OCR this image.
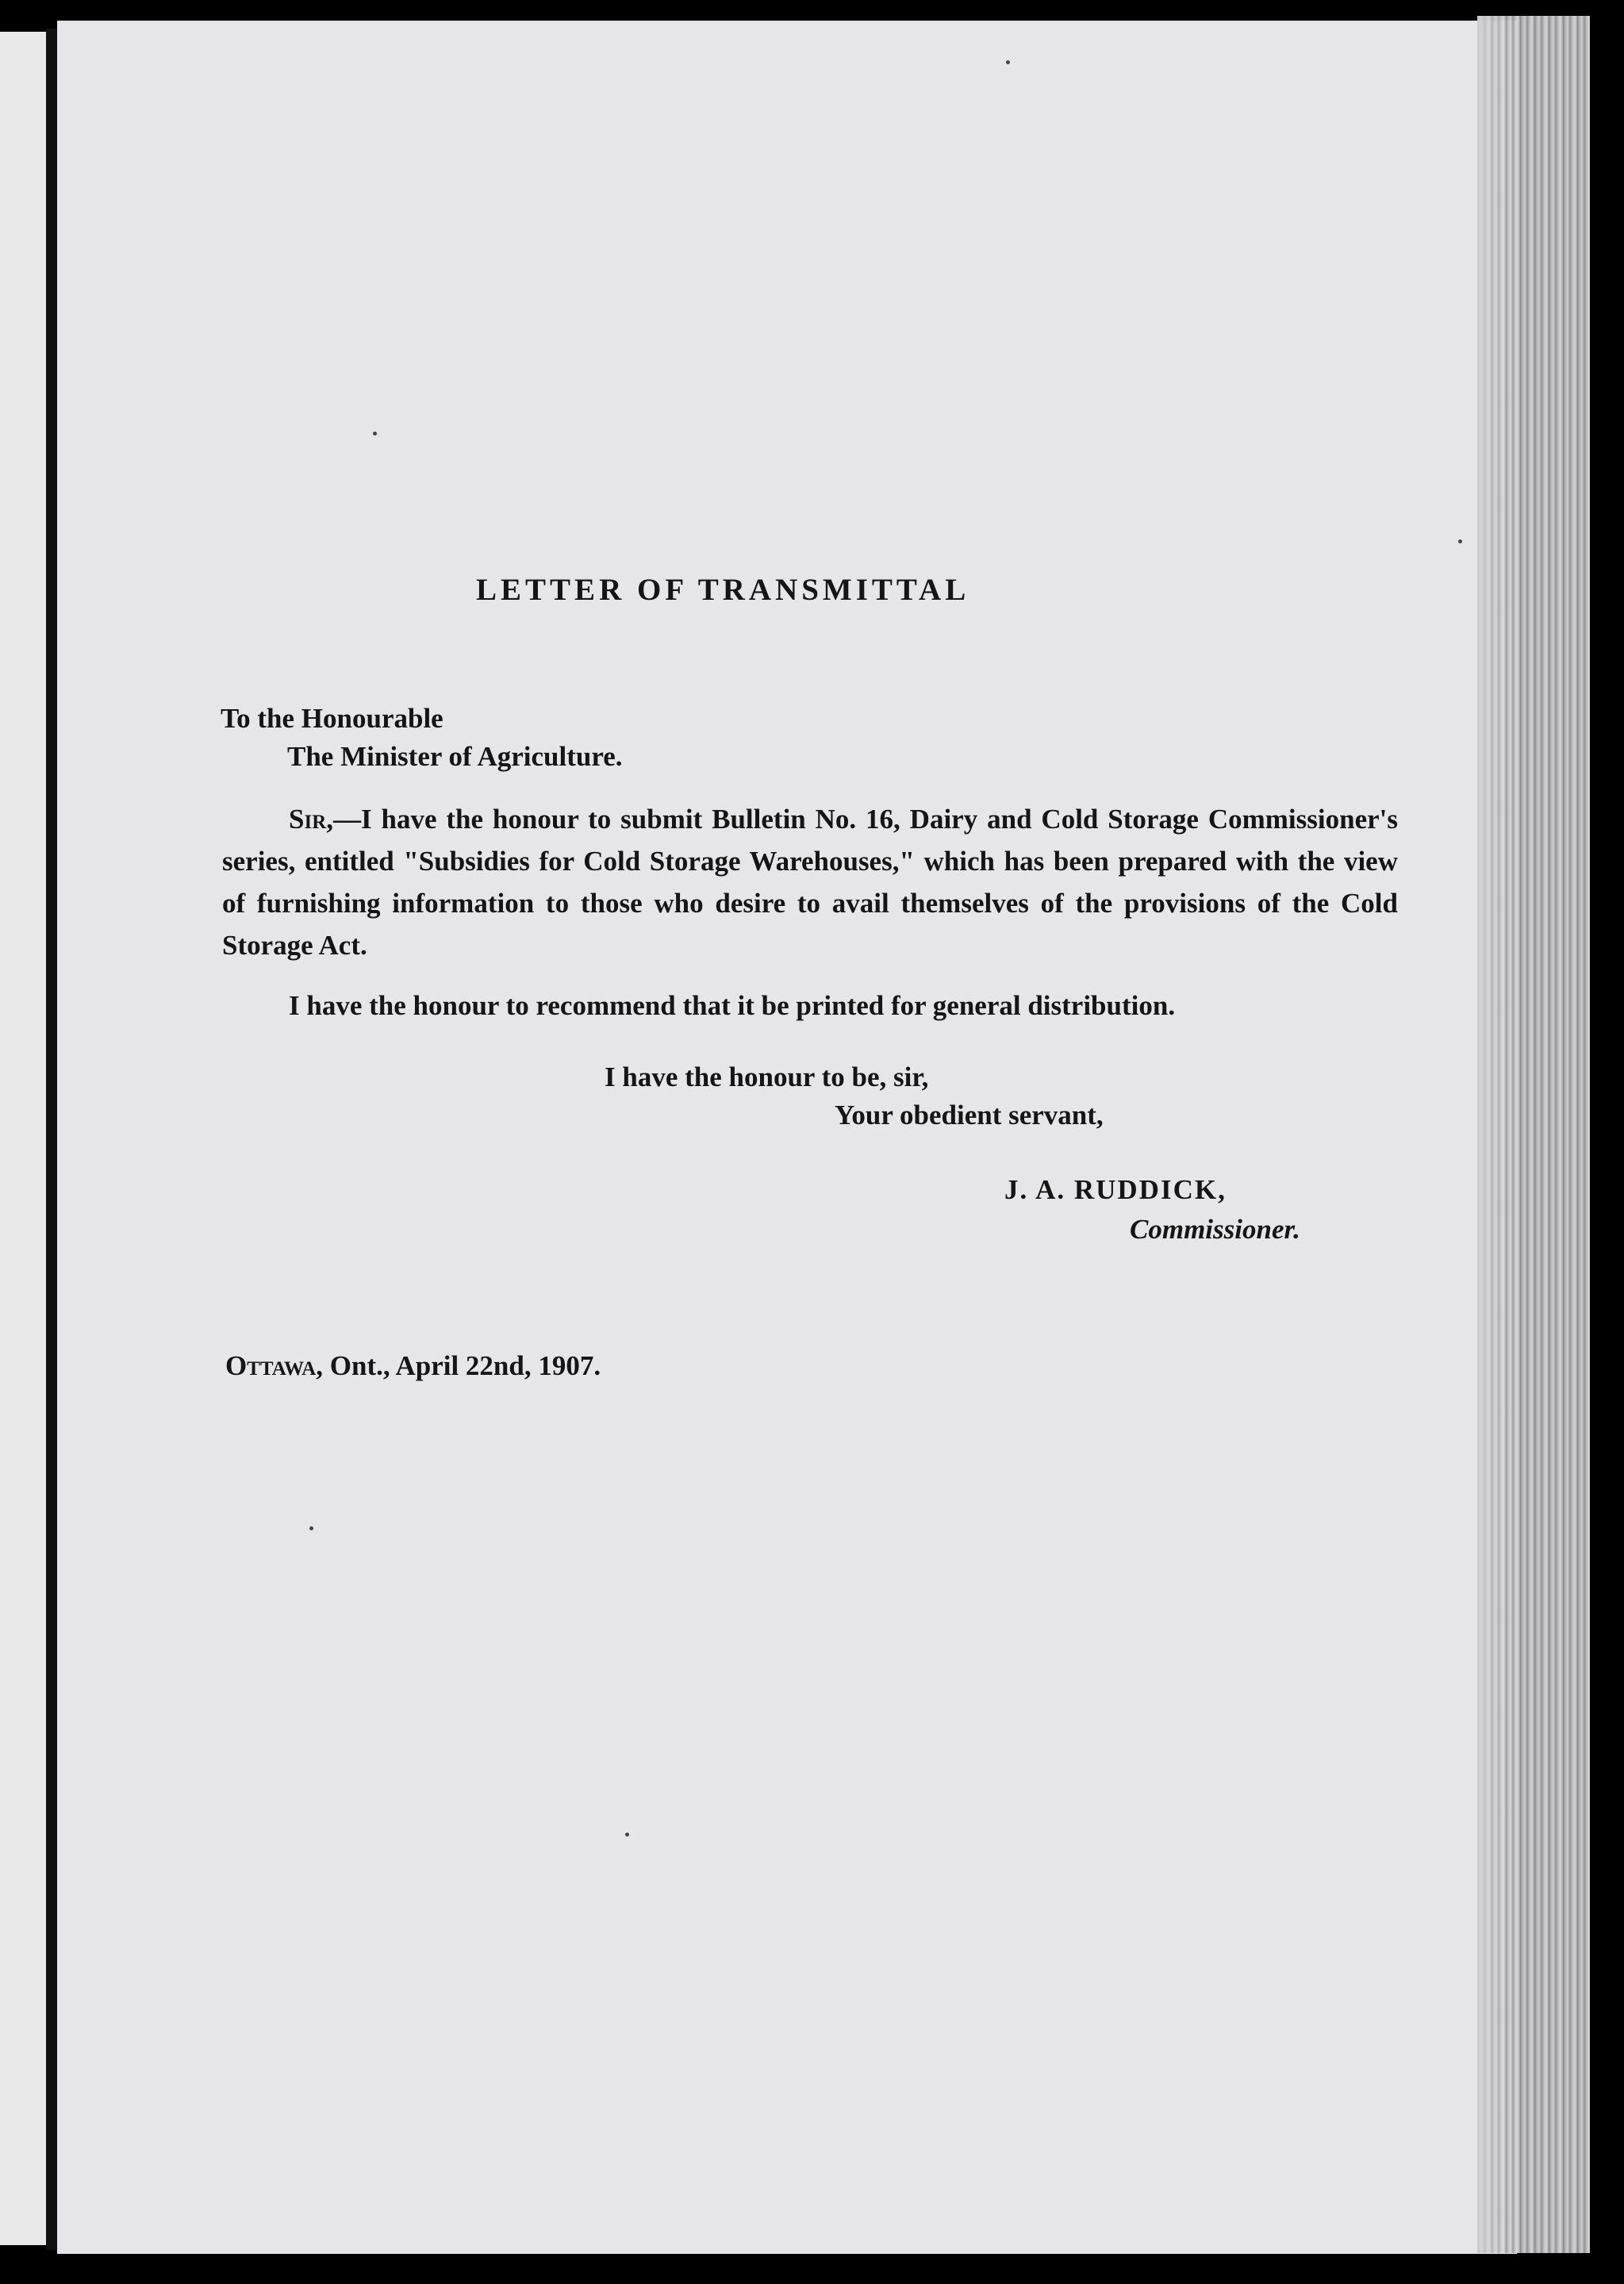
LETTER OF TRANSMITTAL

To the Honourable

The Minister of Agriculture.

Sir,—I have the honour to submit Bulletin No. 16, Dairy and Cold Storage Commissioner's series, entitled "Subsidies for Cold Storage Warehouses," which has been prepared with the view of furnishing information to those who desire to avail themselves of the provisions of the Cold Storage Act.

I have the honour to recommend that it be printed for general distribution.

I have the honour to be, sir,

Your obedient servant,

J. A. RUDDICK,

Commissioner.

Ottawa, Ont., April 22nd, 1907.
